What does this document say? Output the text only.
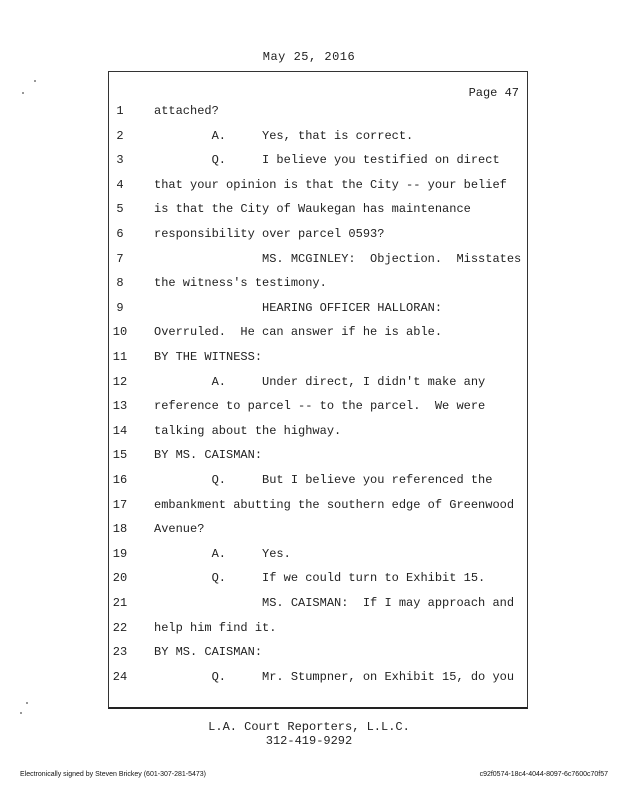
May 25, 2016
Page 47
1	attached?
2	A.     Yes, that is correct.
3	Q.     I believe you testified on direct
4	that your opinion is that the City -- your belief
5	is that the City of Waukegan has maintenance
6	responsibility over parcel 0593?
7	MS. MCGINLEY:  Objection.  Misstates
8	the witness's testimony.
9	HEARING OFFICER HALLORAN:
10	Overruled.  He can answer if he is able.
11	BY THE WITNESS:
12	A.     Under direct, I didn't make any
13	reference to parcel -- to the parcel.  We were
14	talking about the highway.
15	BY MS. CAISMAN:
16	Q.     But I believe you referenced the
17	embankment abutting the southern edge of Greenwood
18	Avenue?
19	A.     Yes.
20	Q.     If we could turn to Exhibit 15.
21	MS. CAISMAN:  If I may approach and
22	help him find it.
23	BY MS. CAISMAN:
24	Q.     Mr. Stumpner, on Exhibit 15, do you
L.A. Court Reporters, L.L.C.
312-419-9292
Electronically signed by Steven Brickey (601-307-281-5473)	c92f0574-18c4-4044-8097-6c7600c70f57
